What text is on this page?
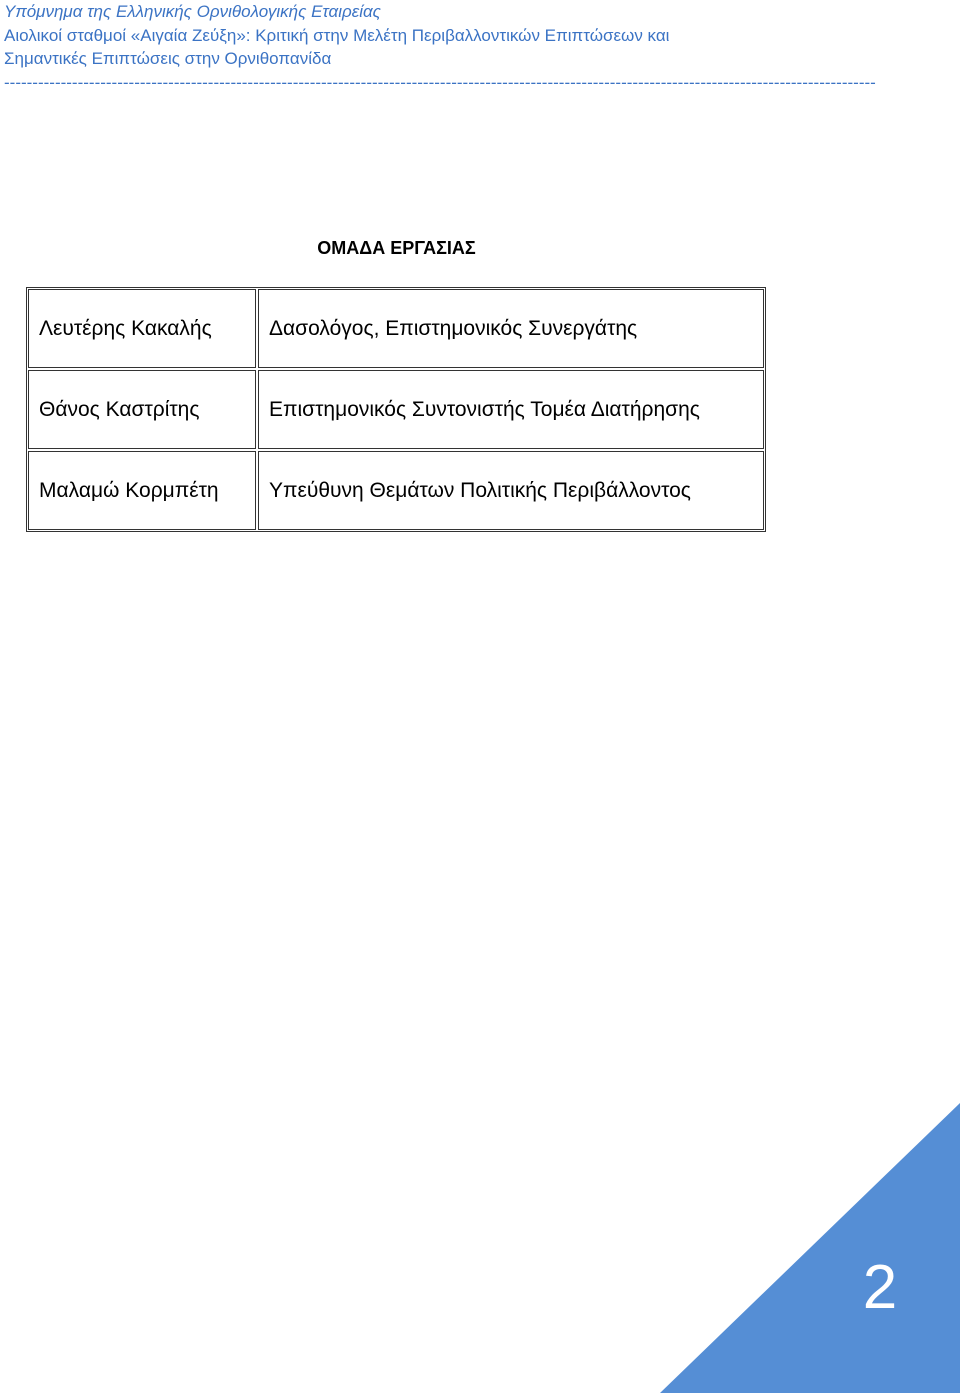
Υπόμνημα της Ελληνικής Ορνιθολογικής Εταιρείας
Αιολικοί σταθμοί «Αιγαία Ζεύξη»: Κριτική στην Μελέτη Περιβαλλοντικών Επιπτώσεων και
Σημαντικές Επιπτώσεις στην Ορνιθοπανίδα
----------------------------------------------------------------------------------------------------------------------------------------------------------
ΟΜΑΔΑ ΕΡΓΑΣΙΑΣ
Λευτέρης Κακαλής	Δασολόγος, Επιστημονικός Συνεργάτης
Θάνος Καστρίτης	Επιστημονικός Συντονιστής Τομέα Διατήρησης
Μαλαμώ Κορμπέτη	Υπεύθυνη Θεμάτων Πολιτικής Περιβάλλοντος
2
